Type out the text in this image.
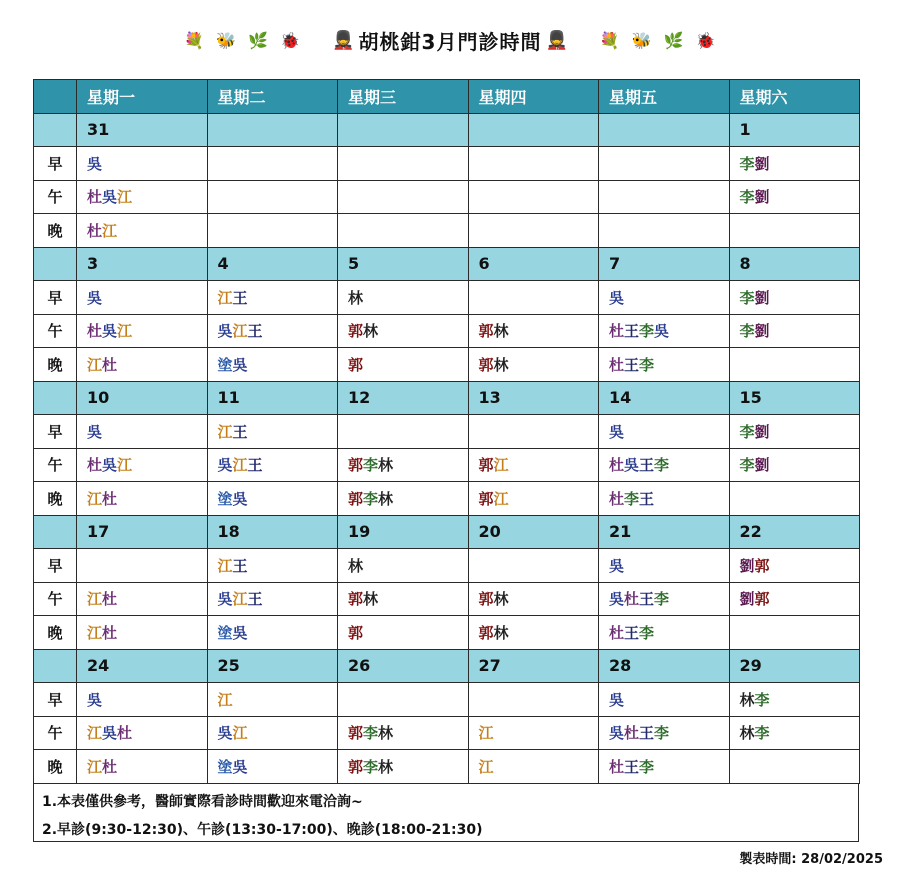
💐 🐝 🌿 🐞 💂 胡桃鉗3月門診時間 💂 💐 🐝 🌿 🐞
	星期一	星期二	星期三	星期四	星期五	星期六
	31					1
早	吳					李劉
午	杜吳江					李劉
晚	杜江					
	3	4	5	6	7	8
早	吳	江王	林		吳	李劉
午	杜吳江	吳江王	郭林	郭林	杜王李吳	李劉
晚	江杜	塗吳	郭	郭林	杜王李	
	10	11	12	13	14	15
早	吳	江王			吳	李劉
午	杜吳江	吳江王	郭李林	郭江	杜吳王李	李劉
晚	江杜	塗吳	郭李林	郭江	杜李王	
	17	18	19	20	21	22
早		江王	林		吳	劉郭
午	江杜	吳江王	郭林	郭林	吳杜王李	劉郭
晚	江杜	塗吳	郭	郭林	杜王李	
	24	25	26	27	28	29
早	吳	江			吳	林李
午	江吳杜	吳江	郭李林	江	吳杜王李	林李
晚	江杜	塗吳	郭李林	江	杜王李	
1.本表僅供參考，醫師實際看診時間歡迎來電洽詢~
2.早診(9:30-12:30)、午診(13:30-17:00)、晚診(18:00-21:30)
製表時間: 28/02/2025
